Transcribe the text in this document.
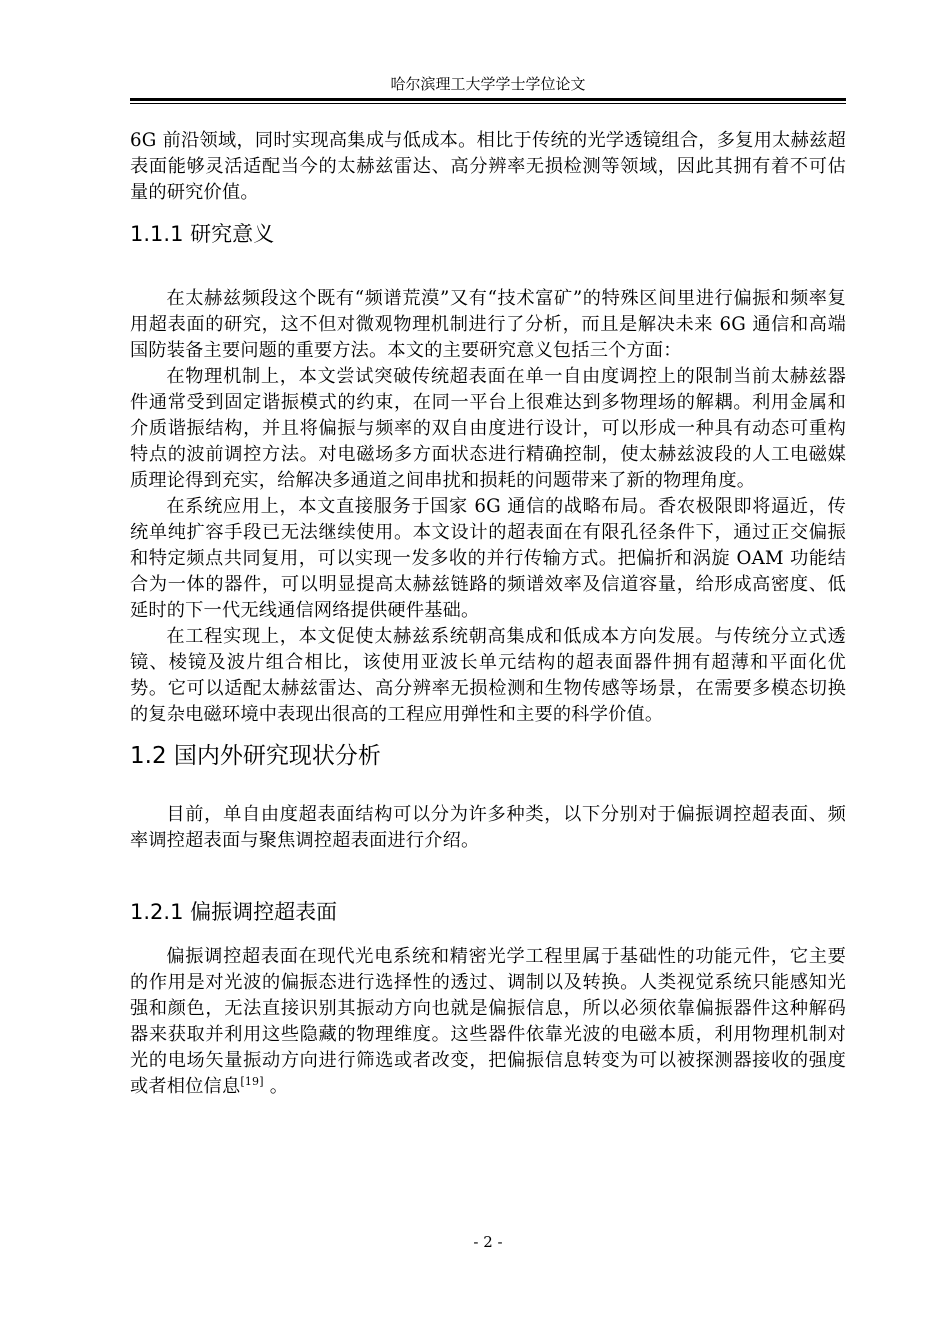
哈尔滨理工大学学士学位论文

6G 前沿领域，同时实现高集成与低成本。相比于传统的光学透镜组合，多复用太赫兹超表面能够灵活适配当今的太赫兹雷达、高分辨率无损检测等领域，因此其拥有着不可估量的研究价值。

1.1.1 研究意义

在太赫兹频段这个既有“频谱荒漠”又有“技术富矿”的特殊区间里进行偏振和频率复用超表面的研究，这不但对微观物理机制进行了分析，而且是解决未来 6G 通信和高端国防装备主要问题的重要方法。本文的主要研究意义包括三个方面：

在物理机制上，本文尝试突破传统超表面在单一自由度调控上的限制当前太赫兹器件通常受到固定谐振模式的约束，在同一平台上很难达到多物理场的解耦。利用金属和介质谐振结构，并且将偏振与频率的双自由度进行设计，可以形成一种具有动态可重构特点的波前调控方法。对电磁场多方面状态进行精确控制，使太赫兹波段的人工电磁媒质理论得到充实，给解决多通道之间串扰和损耗的问题带来了新的物理角度。

在系统应用上，本文直接服务于国家 6G 通信的战略布局。香农极限即将逼近，传统单纯扩容手段已无法继续使用。本文设计的超表面在有限孔径条件下，通过正交偏振和特定频点共同复用，可以实现一发多收的并行传输方式。把偏折和涡旋 OAM 功能结合为一体的器件，可以明显提高太赫兹链路的频谱效率及信道容量，给形成高密度、低延时的下一代无线通信网络提供硬件基础。

在工程实现上，本文促使太赫兹系统朝高集成和低成本方向发展。与传统分立式透镜、棱镜及波片组合相比，该使用亚波长单元结构的超表面器件拥有超薄和平面化优势。它可以适配太赫兹雷达、高分辨率无损检测和生物传感等场景，在需要多模态切换的复杂电磁环境中表现出很高的工程应用弹性和主要的科学价值。

1.2 国内外研究现状分析

目前，单自由度超表面结构可以分为许多种类，以下分别对于偏振调控超表面、频率调控超表面与聚焦调控超表面进行介绍。

1.2.1 偏振调控超表面

偏振调控超表面在现代光电系统和精密光学工程里属于基础性的功能元件，它主要的作用是对光波的偏振态进行选择性的透过、调制以及转换。人类视觉系统只能感知光强和颜色，无法直接识别其振动方向也就是偏振信息，所以必须依靠偏振器件这种解码器来获取并利用这些隐藏的物理维度。这些器件依靠光波的电磁本质，利用物理机制对光的电场矢量振动方向进行筛选或者改变，把偏振信息转变为可以被探测器接收的强度或者相位信息[19] 。

- 2 -
